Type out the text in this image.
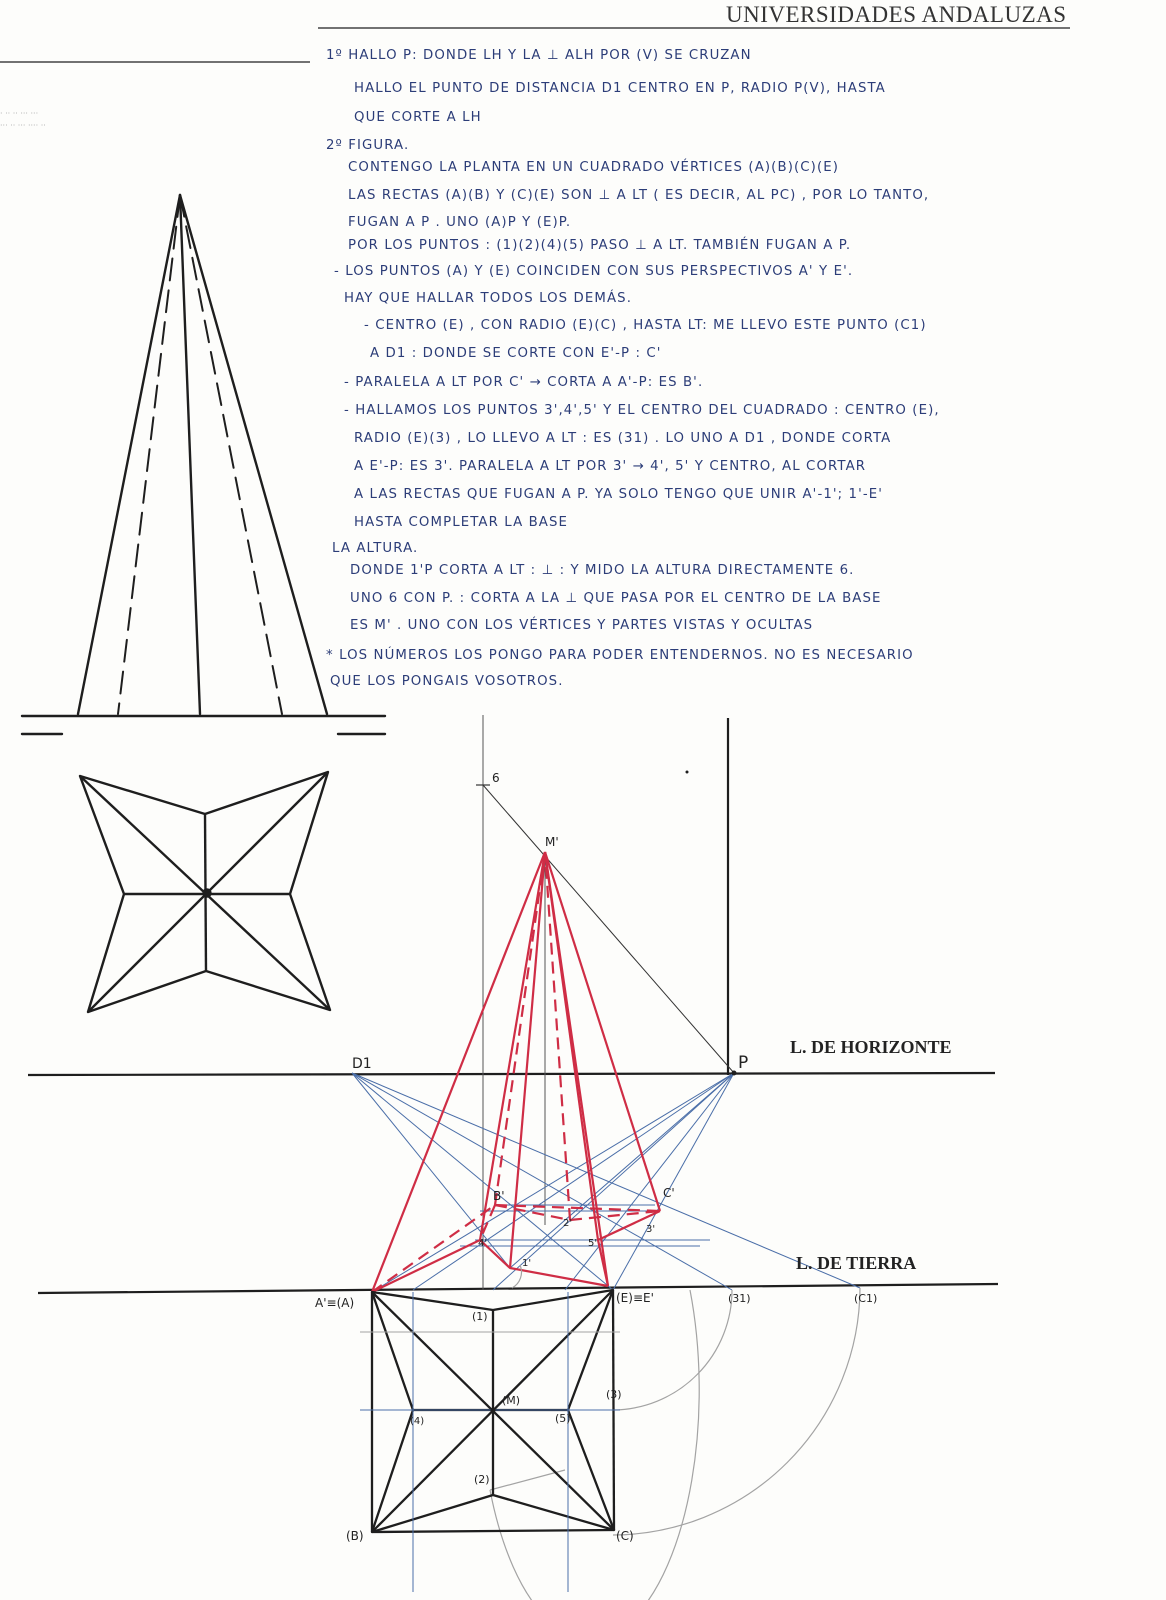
UNIVERSIDADES ANDALUZAS
· ·· ·· ··· ···
··· ·· ··· ···· ··
1º HALLO P: DONDE LH Y LA ⊥ ALH POR (V) SE CRUZAN
HALLO EL PUNTO DE DISTANCIA D1 CENTRO EN P, RADIO P(V), HASTA
QUE CORTE A LH
2º FIGURA.
CONTENGO LA PLANTA EN UN CUADRADO VÉRTICES (A)(B)(C)(E)
LAS RECTAS (A)(B) Y (C)(E) SON ⊥ A LT ( ES DECIR, AL PC) , POR LO TANTO,
FUGAN A P . UNO (A)P Y (E)P.
POR LOS PUNTOS : (1)(2)(4)(5) PASO ⊥ A LT. TAMBIÉN FUGAN A P.
- LOS PUNTOS (A) Y (E) COINCIDEN CON SUS PERSPECTIVOS A' Y E'.
HAY QUE HALLAR TODOS LOS DEMÁS.
- CENTRO (E) , CON RADIO (E)(C) , HASTA LT: ME LLEVO ESTE PUNTO (C1)
A D1 : DONDE SE CORTE CON E'-P : C'
- PARALELA A LT POR C' → CORTA A A'-P: ES B'.
- HALLAMOS LOS PUNTOS 3',4',5' Y EL CENTRO DEL CUADRADO : CENTRO (E),
RADIO (E)(3) , LO LLEVO A LT : ES (31) . LO UNO A D1 , DONDE CORTA
A E'-P: ES 3'. PARALELA A LT POR 3' → 4', 5' Y CENTRO, AL CORTAR
A LAS RECTAS QUE FUGAN A P. YA SOLO TENGO QUE UNIR A'-1'; 1'-E'
HASTA COMPLETAR LA BASE
LA ALTURA.
DONDE 1'P CORTA A LT : ⊥ : Y MIDO LA ALTURA DIRECTAMENTE 6.
UNO 6 CON P. : CORTA A LA ⊥ QUE PASA POR EL CENTRO DE LA BASE
ES M' . UNO CON LOS VÉRTICES Y PARTES VISTAS Y OCULTAS
* LOS NÚMEROS LOS PONGO PARA PODER ENTENDERNOS. NO ES NECESARIO
QUE LOS PONGAIS VOSOTROS.
L. DE HORIZONTE
L. DE TIERRA
P
D1
M'
6
B'	C'
2'
3'
4'	5'
1'
A'≡(A)	(E)≡E'	(31)	(C1)
(1)
(M)	(3)
(4)	(5)
(2)
(B)	(C)
